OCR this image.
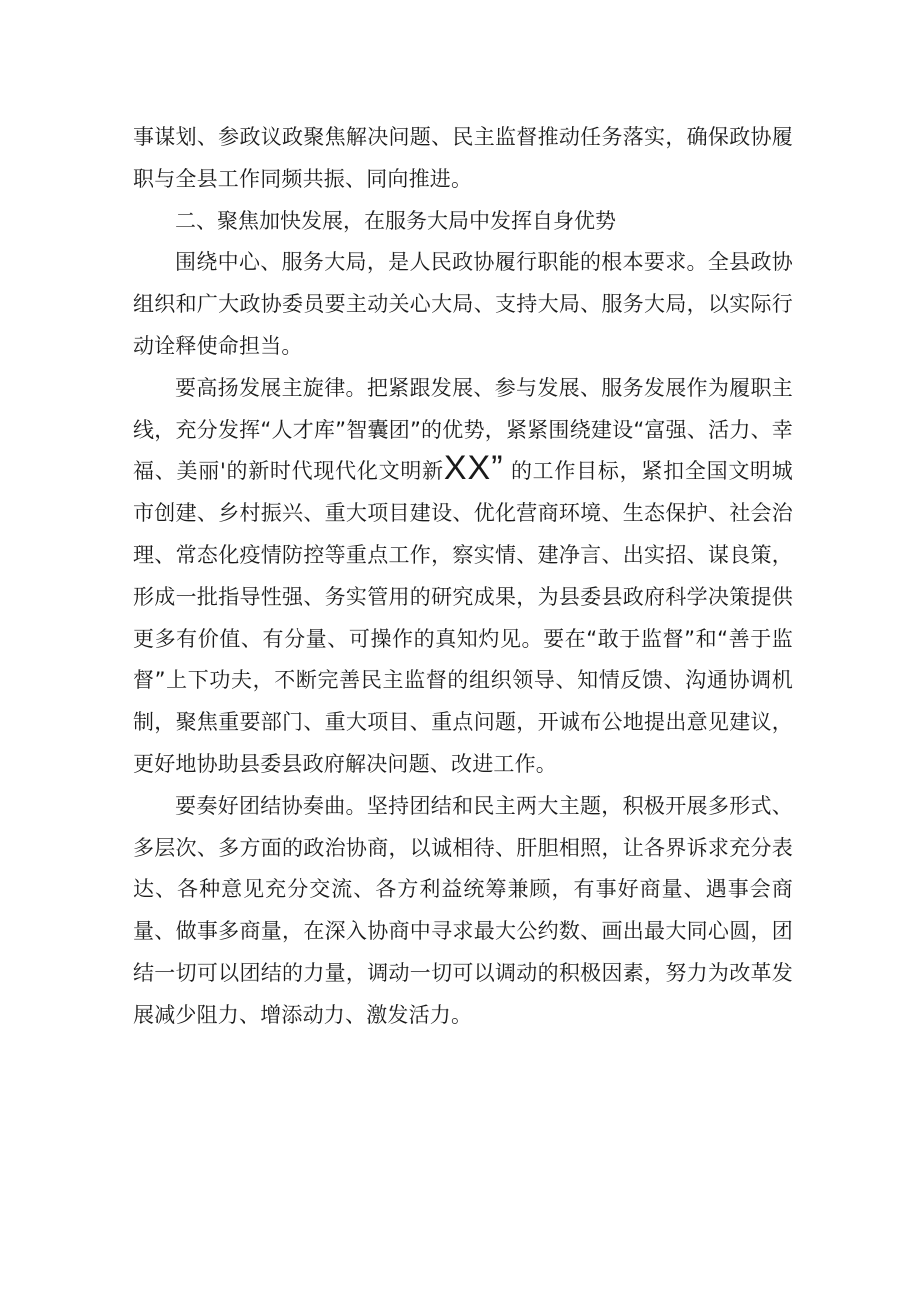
事谋划、参政议政聚焦解决问题、民主监督推动任务落实，确保政协履职与全县工作同频共振、同向推进。

二、聚焦加快发展，在服务大局中发挥自身优势

围绕中心、服务大局，是人民政协履行职能的根本要求。全县政协组织和广大政协委员要主动关心大局、支持大局、服务大局，以实际行动诠释使命担当。

要高扬发展主旋律。把紧跟发展、参与发展、服务发展作为履职主线，充分发挥“人才库”智囊团”的优势，紧紧围绕建设“富强、活力、幸福、美丽'的新时代现代化文明新XX” 的工作目标，紧扣全国文明城市创建、乡村振兴、重大项目建设、优化营商环境、生态保护、社会治理、常态化疫情防控等重点工作，察实情、建净言、出实招、谋良策，形成一批指导性强、务实管用的研究成果，为县委县政府科学决策提供更多有价值、有分量、可操作的真知灼见。要在“敢于监督”和“善于监督”上下功夫，不断完善民主监督的组织领导、知情反馈、沟通协调机制，聚焦重要部门、重大项目、重点问题，开诚布公地提出意见建议，更好地协助县委县政府解决问题、改进工作。

要奏好团结协奏曲。坚持团结和民主两大主题，积极开展多形式、多层次、多方面的政治协商，以诚相待、肝胆相照，让各界诉求充分表达、各种意见充分交流、各方利益统筹兼顾，有事好商量、遇事会商量、做事多商量，在深入协商中寻求最大公约数、画出最大同心圆，团结一切可以团结的力量，调动一切可以调动的积极因素，努力为改革发展减少阻力、增添动力、激发活力。
